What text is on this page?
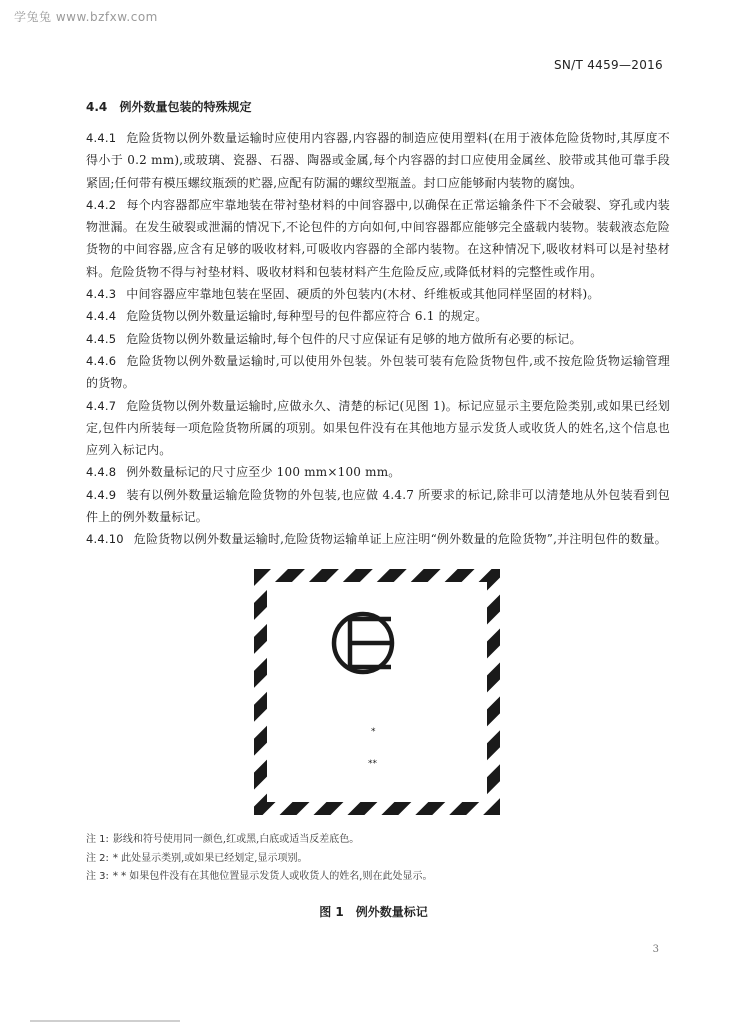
学兔兔 www.bzfxw.com
SN/T 4459—2016
4.4 例外数量包装的特殊规定

4.4.1 危险货物以例外数量运输时应使用内容器,内容器的制造应使用塑料(在用于液体危险货物时,其厚度不得小于 0.2 mm),或玻璃、瓷器、石器、陶器或金属,每个内容器的封口应使用金属丝、胶带或其他可靠手段紧固;任何带有模压螺纹瓶颈的贮器,应配有防漏的螺纹型瓶盖。封口应能够耐内装物的腐蚀。

4.4.2 每个内容器都应牢靠地装在带衬垫材料的中间容器中,以确保在正常运输条件下不会破裂、穿孔或内装物泄漏。在发生破裂或泄漏的情况下,不论包件的方向如何,中间容器都应能够完全盛载内装物。装载液态危险货物的中间容器,应含有足够的吸收材料,可吸收内容器的全部内装物。在这种情况下,吸收材料可以是衬垫材料。危险货物不得与衬垫材料、吸收材料和包装材料产生危险反应,或降低材料的完整性或作用。

4.4.3 中间容器应牢靠地包装在坚固、硬质的外包装内(木材、纤维板或其他同样坚固的材料)。

4.4.4 危险货物以例外数量运输时,每种型号的包件都应符合 6.1 的规定。

4.4.5 危险货物以例外数量运输时,每个包件的尺寸应保证有足够的地方做所有必要的标记。

4.4.6 危险货物以例外数量运输时,可以使用外包装。外包装可装有危险货物包件,或不按危险货物运输管理的货物。

4.4.7 危险货物以例外数量运输时,应做永久、清楚的标记(见图 1)。标记应显示主要危险类别,或如果已经划定,包件内所装每一项危险货物所属的项别。如果包件没有在其他地方显示发货人或收货人的姓名,这个信息也应列入标记内。

4.4.8 例外数量标记的尺寸应至少 100 mm×100 mm。

4.4.9 装有以例外数量运输危险货物的外包装,也应做 4.4.7 所要求的标记,除非可以清楚地从外包装看到包件上的例外数量标记。

4.4.10 危险货物以例外数量运输时,危险货物运输单证上应注明“例外数量的危险货物”,并注明包件的数量。

*
**

注 1: 影线和符号使用同一颜色,红或黑,白底或适当反差底色。

注 2: * 此处显示类别,或如果已经划定,显示项别。

注 3: * * 如果包件没有在其他位置显示发货人或收货人的姓名,则在此处显示。

图 1 例外数量标记
3
